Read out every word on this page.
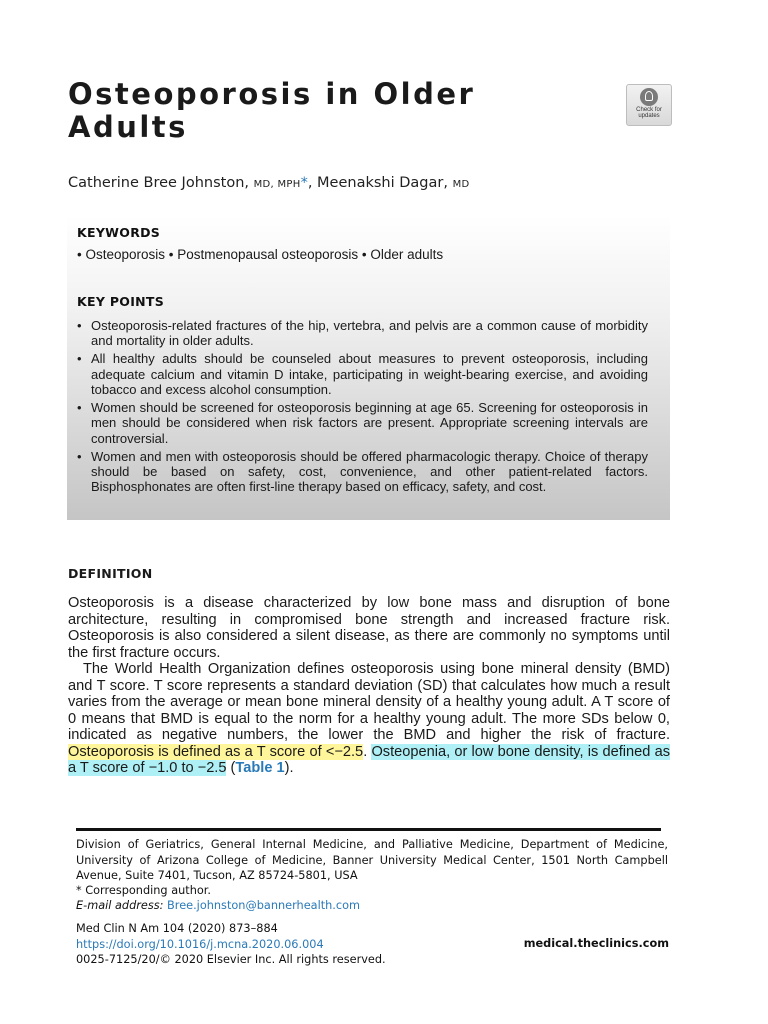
Osteoporosis in Older
Adults	Check for
updates
Catherine Bree Johnston, MD, MPH*, Meenakshi Dagar, MD
KEYWORDS
• Osteoporosis • Postmenopausal osteoporosis • Older adults
KEY POINTS
• Osteoporosis-related fractures of the hip, vertebra, and pelvis are a common cause of morbidity and mortality in older adults.
• All healthy adults should be counseled about measures to prevent osteoporosis, including adequate calcium and vitamin D intake, participating in weight-bearing exercise, and avoiding tobacco and excess alcohol consumption.
• Women should be screened for osteoporosis beginning at age 65. Screening for osteoporosis in men should be considered when risk factors are present. Appropriate screening intervals are controversial.
• Women and men with osteoporosis should be offered pharmacologic therapy. Choice of therapy should be based on safety, cost, convenience, and other patient-related factors. Bisphosphonates are often first-line therapy based on efficacy, safety, and cost.
DEFINITION

Osteoporosis is a disease characterized by low bone mass and disruption of bone architecture, resulting in compromised bone strength and increased fracture risk. Osteoporosis is also considered a silent disease, as there are commonly no symptoms until the first fracture occurs.

The World Health Organization defines osteoporosis using bone mineral density (BMD) and T score. T score represents a standard deviation (SD) that calculates how much a result varies from the average or mean bone mineral density of a healthy young adult. A T score of 0 means that BMD is equal to the norm for a healthy young adult. The more SDs below 0, indicated as negative numbers, the lower the BMD and higher the risk of fracture. Osteoporosis is defined as a T score of <−2.5. Osteopenia, or low bone density, is defined as a T score of −1.0 to −2.5 (Table 1).

Division of Geriatrics, General Internal Medicine, and Palliative Medicine, Department of Medicine, University of Arizona College of Medicine, Banner University Medical Center, 1501 North Campbell Avenue, Suite 7401, Tucson, AZ 85724-5801, USA

* Corresponding author.

E-mail address: Bree.johnston@bannerhealth.com

Med Clin N Am 104 (2020) 873–884
https://doi.org/10.1016/j.mcna.2020.06.004
0025-7125/20/© 2020 Elsevier Inc. All rights reserved.

medical.theclinics.com
